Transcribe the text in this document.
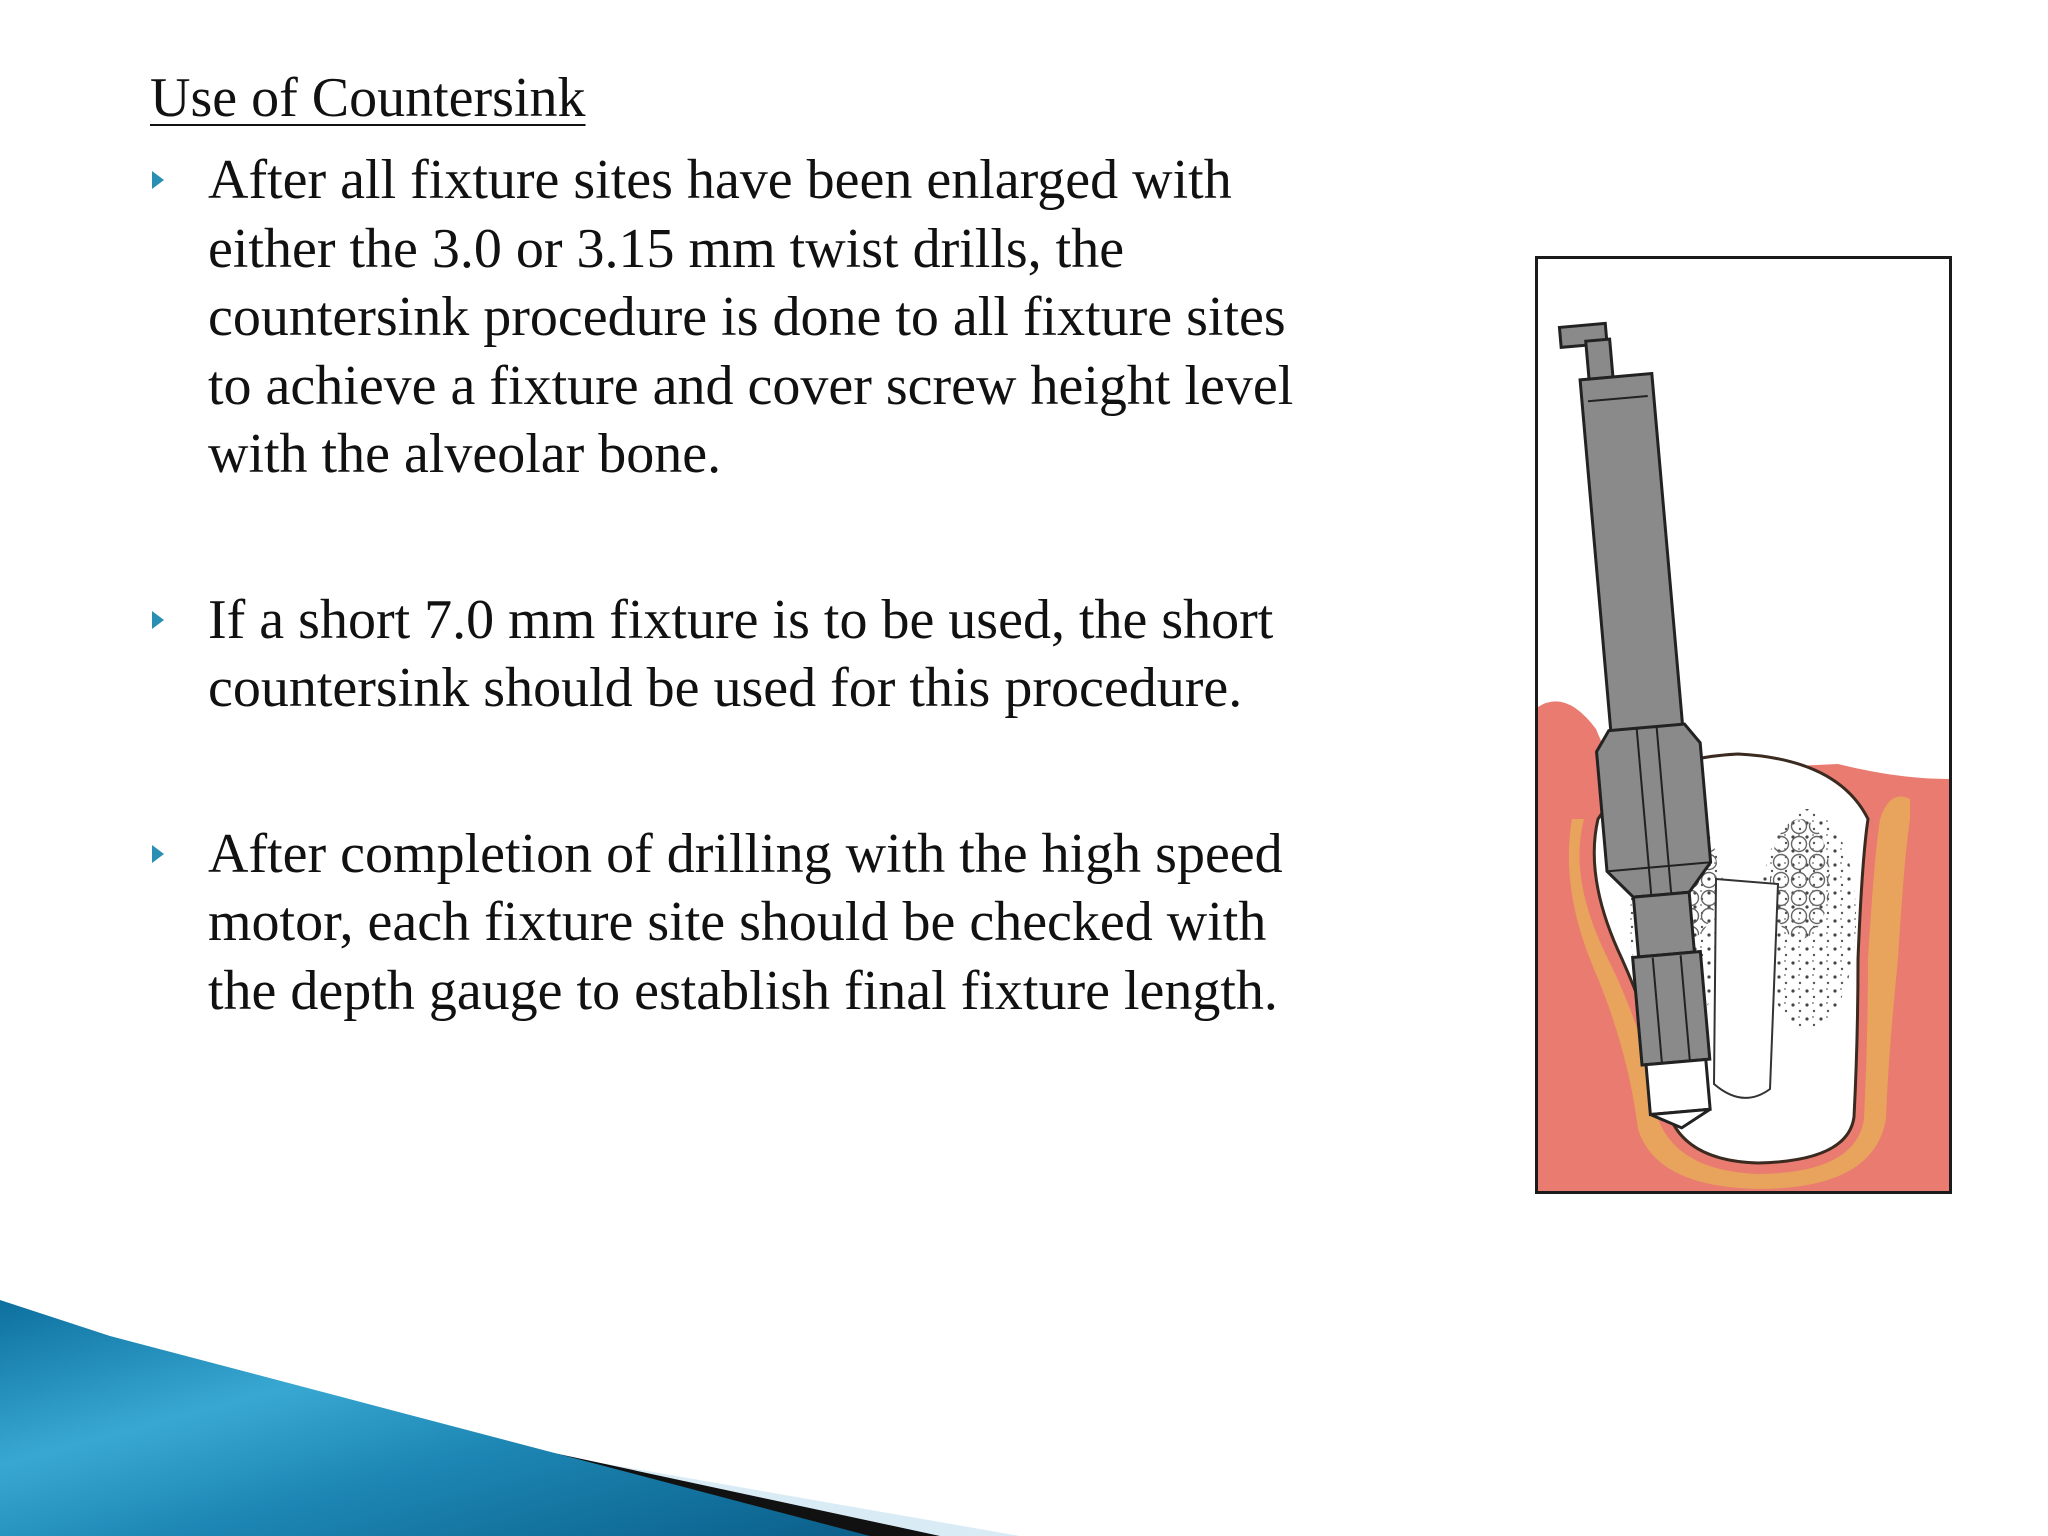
Use of Countersink
After all fixture sites have been enlarged with either the 3.0 or 3.15 mm twist drills, the countersink procedure is done to all fixture sites to achieve a fixture and cover screw height level with the alveolar bone.
If a short 7.0 mm fixture is to be used, the short countersink should be used for this procedure.
After completion of drilling with the high speed motor, each fixture site should be checked with the depth gauge to establish final fixture length.
